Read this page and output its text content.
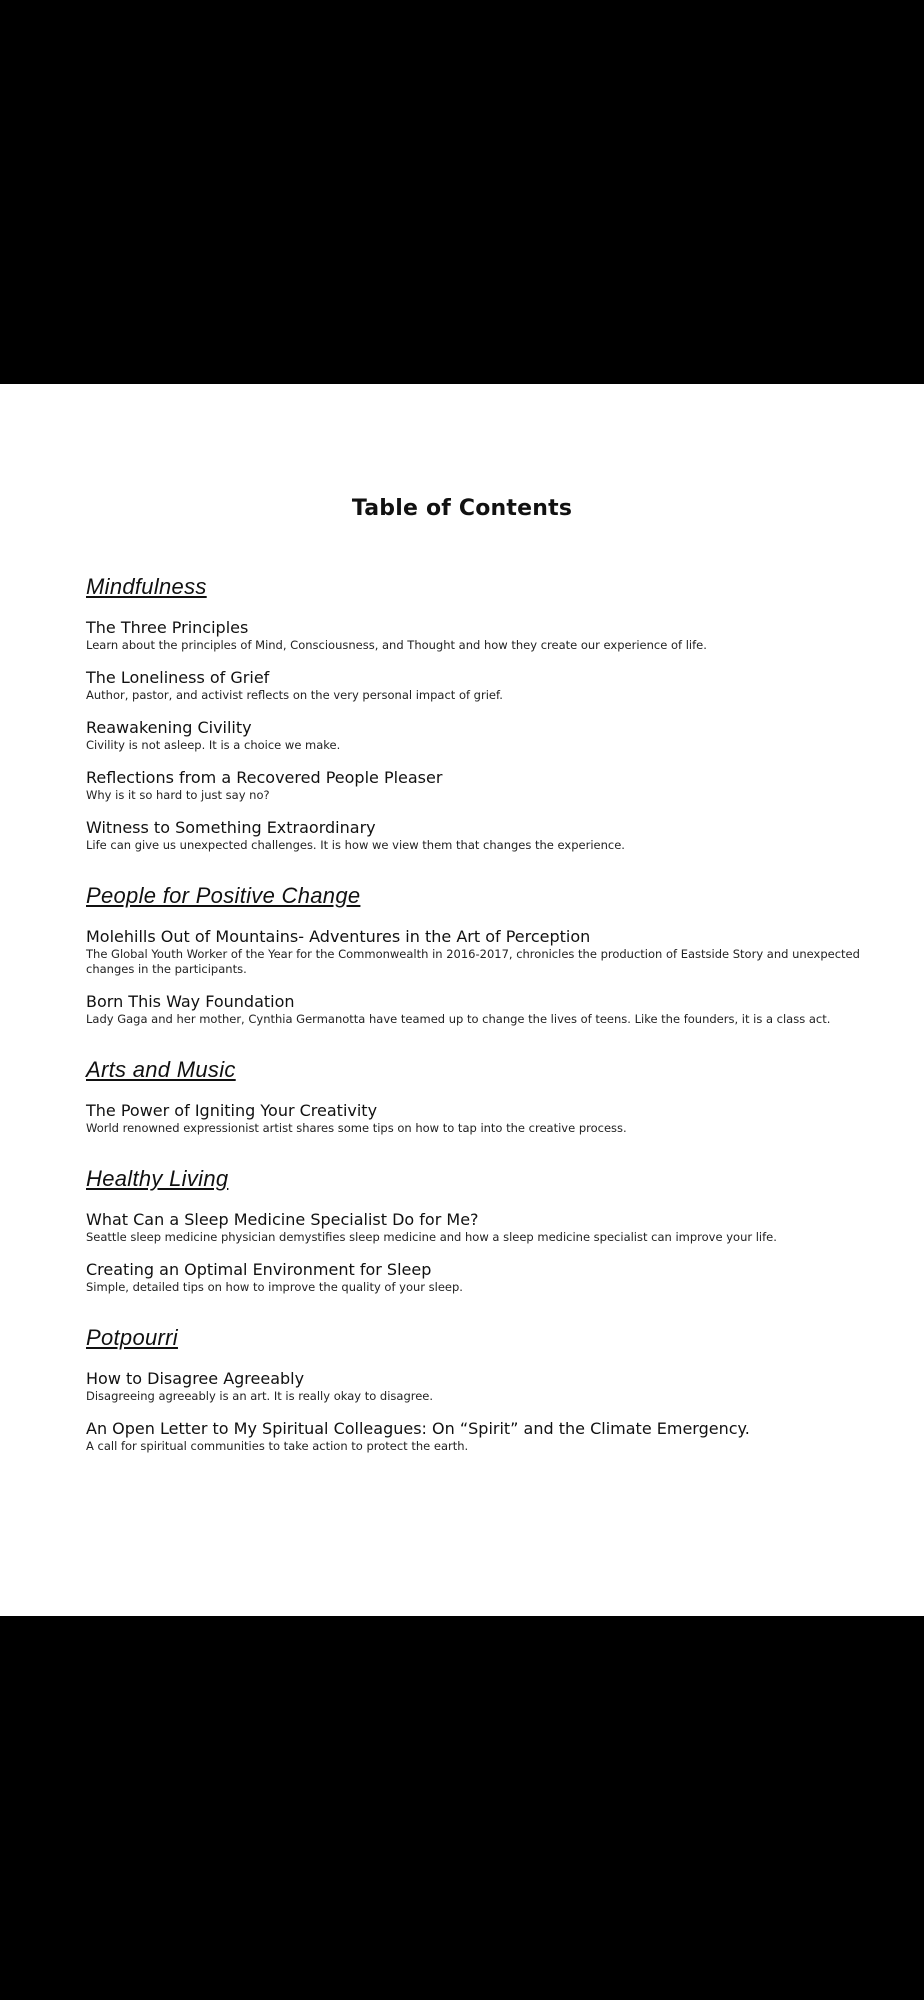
Table of Contents
Mindfulness

The Three Principles

Learn about the principles of Mind, Consciousness, and Thought and how they create our experience of life.

The Loneliness of Grief

Author, pastor, and activist reflects on the very personal impact of grief.

Reawakening Civility

Civility is not asleep. It is a choice we make.

Reflections from a Recovered People Pleaser

Why is it so hard to just say no?

Witness to Something Extraordinary

Life can give us unexpected challenges. It is how we view them that changes the experience.

People for Positive Change

Molehills Out of Mountains- Adventures in the Art of Perception

The Global Youth Worker of the Year for the Commonwealth in 2016-2017, chronicles the production of Eastside Story and unexpected changes in the participants.

Born This Way Foundation

Lady Gaga and her mother, Cynthia Germanotta have teamed up to change the lives of teens. Like the founders, it is a class act.

Arts and Music

The Power of Igniting Your Creativity

World renowned expressionist artist shares some tips on how to tap into the creative process.

Healthy Living

What Can a Sleep Medicine Specialist Do for Me?

Seattle sleep medicine physician demystifies sleep medicine and how a sleep medicine specialist can improve your life.

Creating an Optimal Environment for Sleep

Simple, detailed tips on how to improve the quality of your sleep.

Potpourri

How to Disagree Agreeably

Disagreeing agreeably is an art. It is really okay to disagree.

An Open Letter to My Spiritual Colleagues: On “Spirit” and the Climate Emergency.

A call for spiritual communities to take action to protect the earth.
